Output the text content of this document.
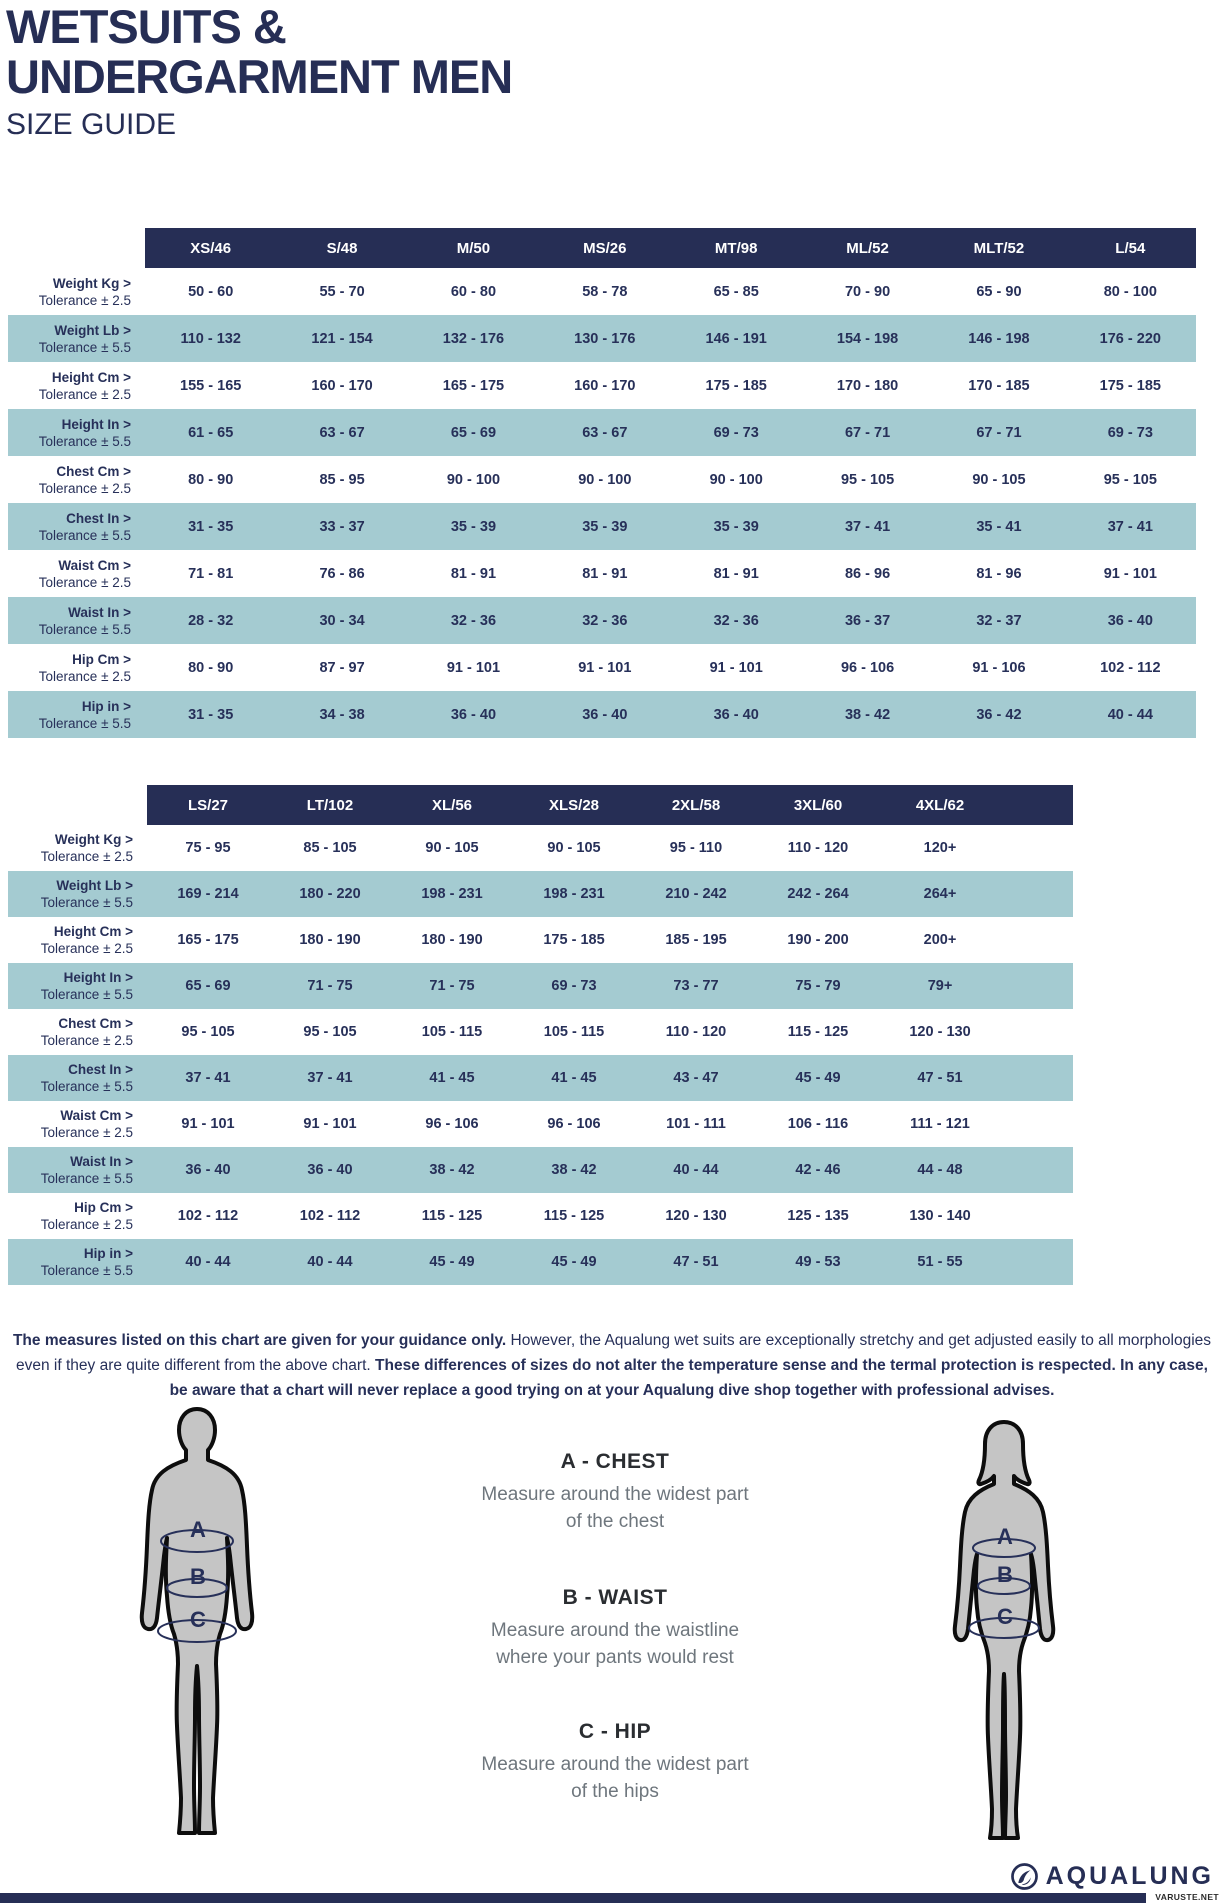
WETSUITS &
UNDERGARMENT MEN
SIZE GUIDE
XS/46	S/48	M/50	MS/26	MT/98	ML/52	MLT/52	L/54
Weight Kg >
Tolerance ± 2.5
50 - 60	55 - 70	60 - 80	58 - 78	65 - 85	70 - 90	65 - 90	80 - 100
Weight Lb >
Tolerance ± 5.5
110 - 132	121 - 154	132 - 176	130 - 176	146 - 191	154 - 198	146 - 198	176 - 220
Height Cm >
Tolerance ± 2.5
155 - 165	160 - 170	165 - 175	160 - 170	175 - 185	170 - 180	170 - 185	175 - 185
Height In >
Tolerance ± 5.5
61 - 65	63 - 67	65 - 69	63 - 67	69 - 73	67 - 71	67 - 71	69 - 73
Chest Cm >
Tolerance ± 2.5
80 - 90	85 - 95	90 - 100	90 - 100	90 - 100	95 - 105	90 - 105	95 - 105
Chest In >
Tolerance ± 5.5
31 - 35	33 - 37	35 - 39	35 - 39	35 - 39	37 - 41	35 - 41	37 - 41
Waist Cm >
Tolerance ± 2.5
71 - 81	76 - 86	81 - 91	81 - 91	81 - 91	86 - 96	81 - 96	91 - 101
Waist In >
Tolerance ± 5.5
28 - 32	30 - 34	32 - 36	32 - 36	32 - 36	36 - 37	32 - 37	36 - 40
Hip Cm >
Tolerance ± 2.5
80 - 90	87 - 97	91 - 101	91 - 101	91 - 101	96 - 106	91 - 106	102 - 112
Hip in >
Tolerance ± 5.5
31 - 35	34 - 38	36 - 40	36 - 40	36 - 40	38 - 42	36 - 42	40 - 44
LS/27	LT/102	XL/56	XLS/28	2XL/58	3XL/60	4XL/62
Weight Kg >
Tolerance ± 2.5
75 - 95	85 - 105	90 - 105	90 - 105	95 - 110	110 - 120	120+
Weight Lb >
Tolerance ± 5.5
169 - 214	180 - 220	198 - 231	198 - 231	210 - 242	242 - 264	264+
Height Cm >
Tolerance ± 2.5
165 - 175	180 - 190	180 - 190	175 - 185	185 - 195	190 - 200	200+
Height In >
Tolerance ± 5.5
65 - 69	71 - 75	71 - 75	69 - 73	73 - 77	75 - 79	79+
Chest Cm >
Tolerance ± 2.5
95 - 105	95 - 105	105 - 115	105 - 115	110 - 120	115 - 125	120 - 130
Chest In >
Tolerance ± 5.5
37 - 41	37 - 41	41 - 45	41 - 45	43 - 47	45 - 49	47 - 51
Waist Cm >
Tolerance ± 2.5
91 - 101	91 - 101	96 - 106	96 - 106	101 - 111	106 - 116	111 - 121
Waist In >
Tolerance ± 5.5
36 - 40	36 - 40	38 - 42	38 - 42	40 - 44	42 - 46	44 - 48
Hip Cm >
Tolerance ± 2.5
102 - 112	102 - 112	115 - 125	115 - 125	120 - 130	125 - 135	130 - 140
Hip in >
Tolerance ± 5.5
40 - 44	40 - 44	45 - 49	45 - 49	47 - 51	49 - 53	51 - 55

The measures listed on this chart are given for your guidance only. However, the Aqualung wet suits are exceptionally stretchy and get adjusted easily to all morphologies even if they are quite different from the above chart. These differences of sizes do not alter the temperature sense and the termal protection is respected. In any case, be aware that a chart will never replace a good trying on at your Aqualung dive shop together with professional advises.

A
B
C
A - CHEST
Measure around the widest part
of the chest
B - WAIST
Measure around the waistline
where your pants would rest
C - HIP
Measure around the widest part
of the hips
A
B
C
AQUALUNG
VARUSTE.NET
